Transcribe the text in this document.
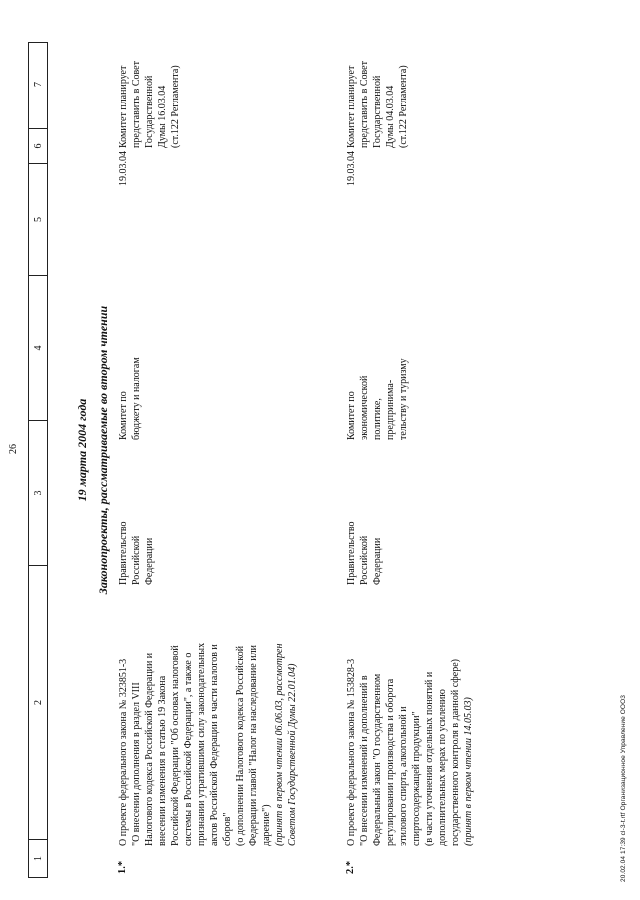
26
1
2
3
4
5
6
7
19 марта 2004 года Законопроекты, рассматриваемые во втором чтении
1.*
О проекте федерального закона № 323851-3
"О внесении дополнения в раздел VIII
Налогового кодекса Российской Федерации и
внесении изменения в статью 19 Закона
Российской Федерации "Об основах налоговой
системы в Российской Федерации", а также о
признании утратившими силу законодательных
актов Российской Федерации в части налогов и
сборов"
(о дополнении Налогового кодекса Российской
Федерации главой "Налог на наследование или
дарение") (принят в первом чтении 06.06.03, рассмотрен
Советом Государственной Думы 22.01.04)
Правительство
Российской
Федерации
Комитет по
бюджету и налогам
19.03.04
Комитет планирует
представить в Совет
Государственной
Думы 16.03.04
(ст.122 Регламента)
2.*
О проекте федерального закона № 153828-3
"О внесении изменений и дополнений в
Федеральный закон "О государственном
регулировании производства и оборота
этилового спирта, алкогольной и
спиртосодержащей продукции"
(в части уточнения отдельных понятий и
дополнительных мерах по усилению
государственного контроля в данной сфере)
(принят в первом чтении 14.05.03)
Правительство
Российской
Федерации
Комитет по
экономической
политике,
предпринима-
тельству и туризму
19.03.04
Комитет планирует
представить в Совет
Государственной
Думы 04.03.04
(ст.122 Регламента)
20.02.04 17:39 cl-3-t.rtf Организационное Управление ООО3
